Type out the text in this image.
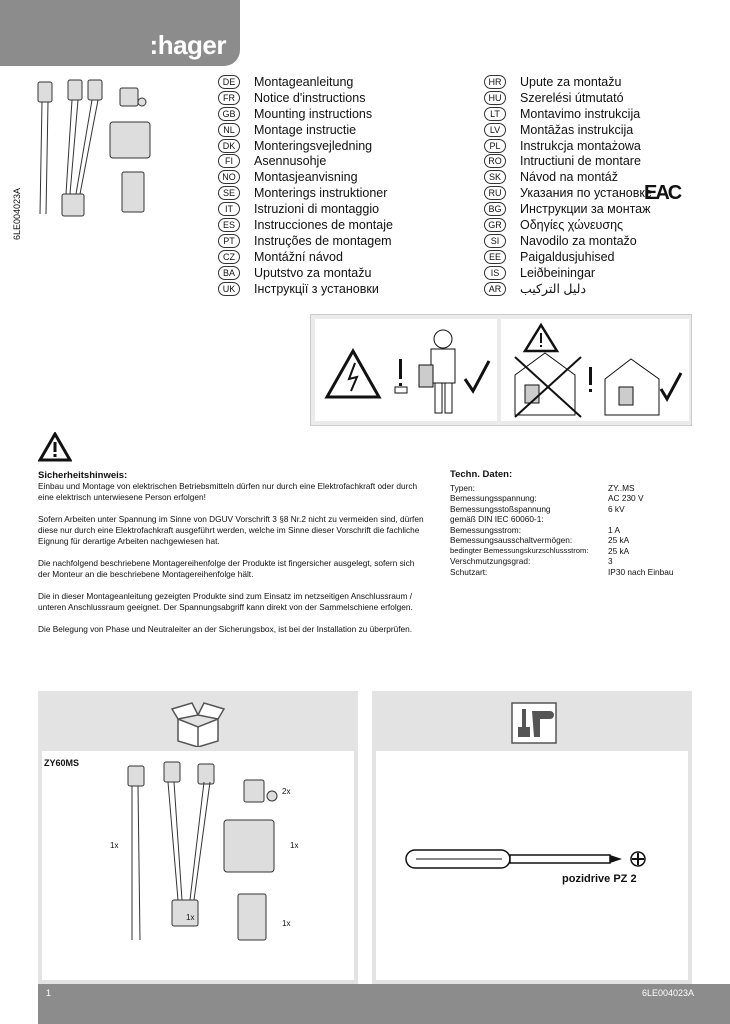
:hager
6LE004023A
DE	Montageanleitung
FR	Notice d'instructions
GB	Mounting instructions
NL	Montage instructie
DK	Monteringsvejledning
FI	Asennusohje
NO	Montasjeanvisning
SE	Monterings instruktioner
IT	Istruzioni di montaggio
ES	Instrucciones de montaje
PT	Instruções de montagem
CZ	Montážní návod
BA	Uputstvo za montažu
UK	Інструкції з установки
HR	Upute za montažu
HU	Szerelési útmutató
LT	Montavimo instrukcija
LV	Montāžas instrukcija
PL	Instrukcja montażowa
RO	Intructiuni de montare
SK	Návod na montáž
RU	Указания по установке
BG	Инструкции за монтаж
GR	Οδηγίες χώνευσης
SI	Navodilo za montažo
EE	Paigaldusjuhised
IS	Leiðbeiningar
AR	دليل التركيب
EAC
Sicherheitshinweis:

Einbau und Montage von elektrischen Betriebsmitteln dürfen nur durch eine Elektrofachkraft oder durch eine elektrisch unterwiesene Person erfolgen!

Sofern Arbeiten unter Spannung im Sinne von DGUV Vorschrift 3 §8 Nr.2 nicht zu vermeiden sind, dürfen diese nur durch eine Elektrofachkraft ausgeführt werden, welche im Sinne dieser Vorschrift die fachliche Eignung für derartige Arbeiten nachgewiesen hat.

Die nachfolgend beschriebene Montagereihenfolge der Produkte ist fingersicher ausgelegt, sofern sich der Monteur an die beschriebene Montagereihenfolge hält.

Die in dieser Montageanleitung gezeigten Produkte sind zum Einsatz im netzseitigen Anschlussraum / unteren Anschlussraum geeignet. Der Spannungsabgriff kann direkt von der Sammelschiene erfolgen.

Die Belegung von Phase und Neutraleiter an der Sicherungsbox, ist bei der Installation zu überprüfen.

Techn. Daten:
Typen:	ZY..MS
Bemessungsspannung:	AC 230 V
Bemessungsstoßspannung	6 kV
gemäß DIN IEC 60060-1:
Bemessungsstrom:	1 A
Bemessungsausschaltvermögen:	25 kA
bedingter Bemessungskurzschlussstrom:	25 kA
Verschmutzungsgrad:	3
Schutzart:	IP30 nach Einbau
ZY60MS
2x
1x	1x
1x
1x
pozidrive PZ 2
1	6LE004023A
